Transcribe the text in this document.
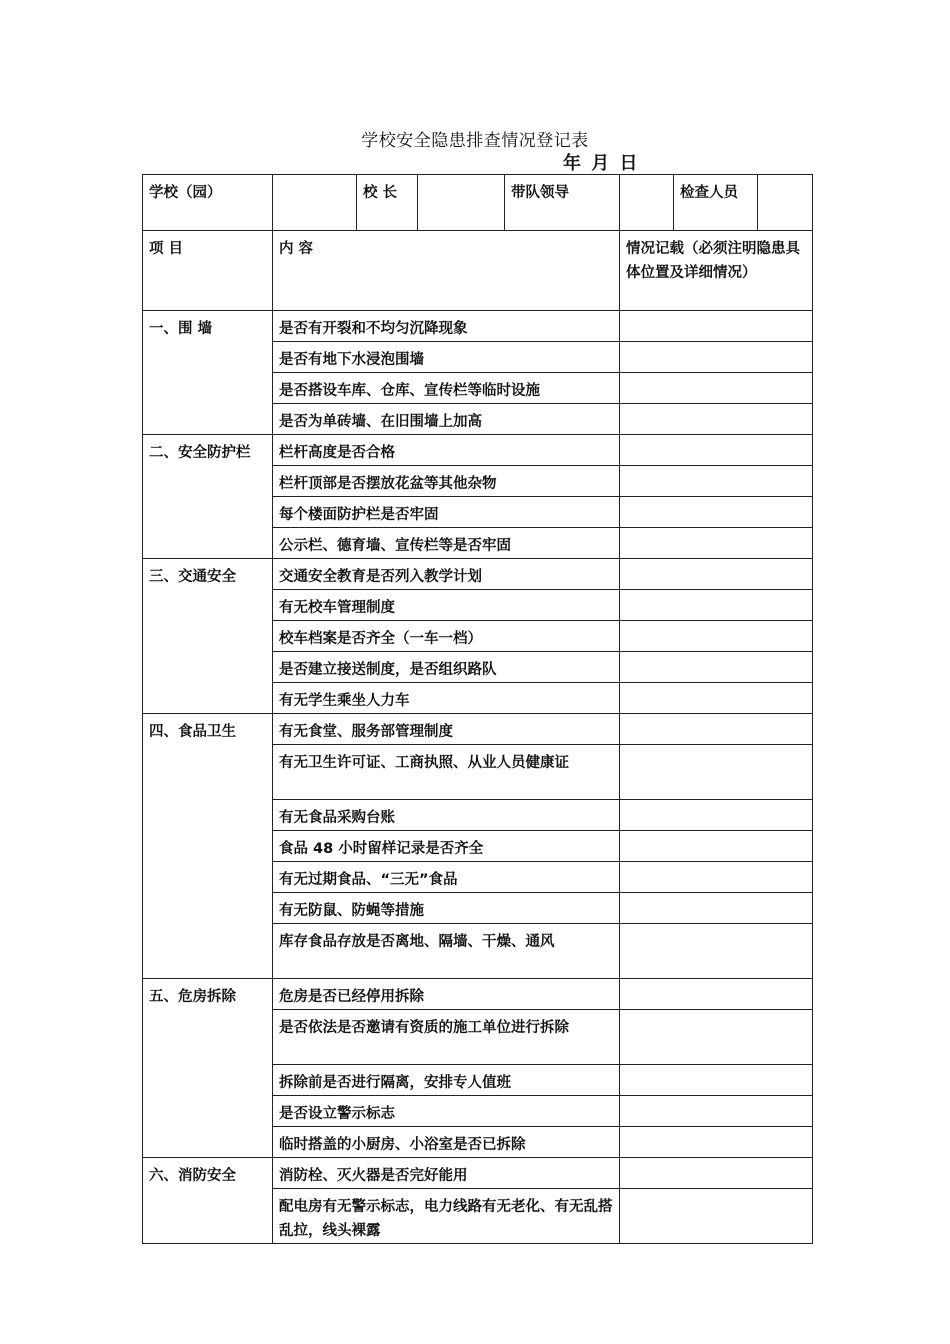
学校安全隐患排查情况登记表
年 月 日
学校（园）		校 长		带队领导		检查人员	
项 目	内 容				情况记载（必须注明隐患具体位置及详细情况）		
一、围 墙	是否有开裂和不均匀沉降现象						
	是否有地下水浸泡围墙						
	是否搭设车库、仓库、宣传栏等临时设施						
	是否为单砖墙、在旧围墙上加高						
二、安全防护栏	栏杆高度是否合格						
	栏杆顶部是否摆放花盆等其他杂物						
	每个楼面防护栏是否牢固						
	公示栏、德育墙、宣传栏等是否牢固						
三、交通安全	交通安全教育是否列入教学计划						
	有无校车管理制度						
	校车档案是否齐全（一车一档）						
	是否建立接送制度，是否组织路队						
	有无学生乘坐人力车						
四、食品卫生	有无食堂、服务部管理制度						
	有无卫生许可证、工商执照、从业人员健康证						
	有无食品采购台账						
	食品 48 小时留样记录是否齐全						
	有无过期食品、“三无”食品						
	有无防鼠、防蝇等措施						
	库存食品存放是否离地、隔墙、干燥、通风						
五、危房拆除	危房是否已经停用拆除						
	是否依法是否邀请有资质的施工单位进行拆除						
	拆除前是否进行隔离，安排专人值班						
	是否设立警示标志						
	临时搭盖的小厨房、小浴室是否已拆除						
六、消防安全	消防栓、灭火器是否完好能用						
	配电房有无警示标志，电力线路有无老化、有无乱搭乱拉，线头裸露						
